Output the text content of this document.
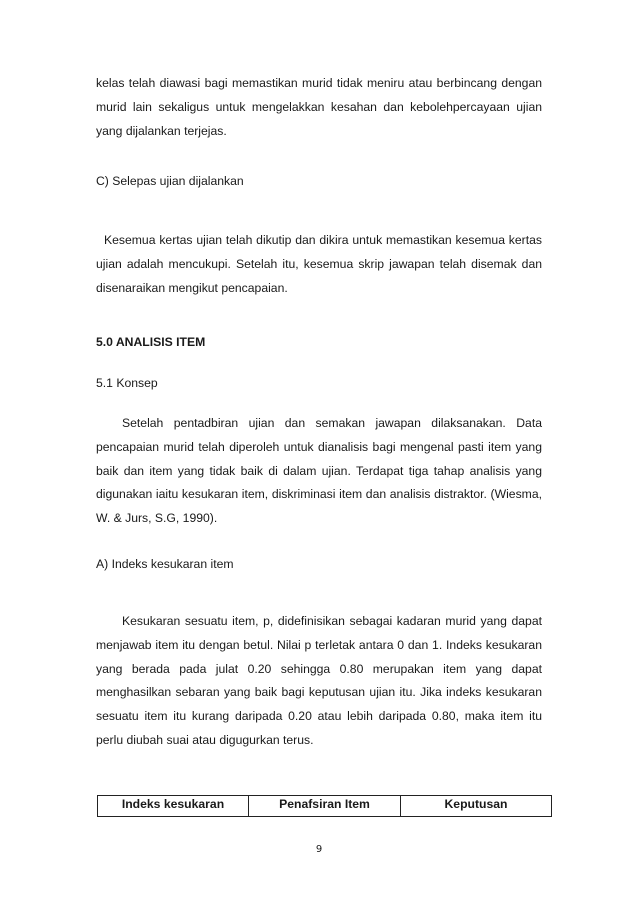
kelas telah diawasi bagi memastikan murid tidak meniru atau berbincang dengan murid lain sekaligus untuk mengelakkan kesahan dan kebolehpercayaan ujian yang dijalankan terjejas.

C) Selepas ujian dijalankan

Kesemua kertas ujian telah dikutip dan dikira untuk memastikan kesemua kertas ujian adalah mencukupi. Setelah itu, kesemua skrip jawapan telah disemak dan disenaraikan mengikut pencapaian.

5.0 ANALISIS ITEM

5.1 Konsep

Setelah pentadbiran ujian dan semakan jawapan dilaksanakan. Data pencapaian murid telah diperoleh untuk dianalisis bagi mengenal pasti item yang baik dan item yang tidak baik di dalam ujian. Terdapat tiga tahap analisis yang digunakan iaitu kesukaran item, diskriminasi item dan analisis distraktor. (Wiesma, W. & Jurs, S.G, 1990).

A) Indeks kesukaran item

Kesukaran sesuatu item, p, didefinisikan sebagai kadaran murid yang dapat menjawab item itu dengan betul. Nilai p terletak antara 0 dan 1. Indeks kesukaran yang berada pada julat 0.20 sehingga 0.80 merupakan item yang dapat menghasilkan sebaran yang baik bagi keputusan ujian itu. Jika indeks kesukaran sesuatu item itu kurang daripada 0.20 atau lebih daripada 0.80, maka item itu perlu diubah suai atau digugurkan terus.

Indeks kesukaran	Penafsiran Item	Keputusan
9
